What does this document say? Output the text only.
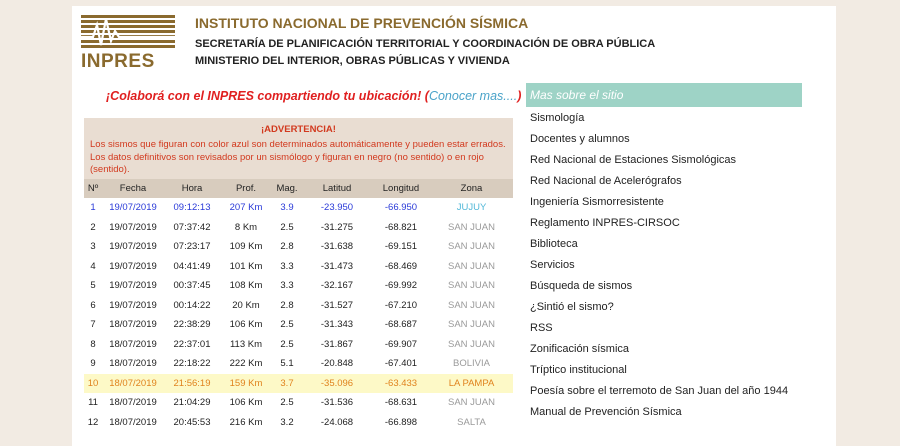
INPRES
INSTITUTO NACIONAL DE PREVENCIÓN SÍSMICA
SECRETARÍA DE PLANIFICACIÓN TERRITORIAL Y COORDINACIÓN DE OBRA PÚBLICA
MINISTERIO DEL INTERIOR, OBRAS PÚBLICAS Y VIVIENDA
¡Colaborá con el INPRES compartiendo tu ubicación! (Conocer mas....)
¡ADVERTENCIA!
Los sismos que figuran con color azul son determinados automáticamente y pueden estar errados. Los datos definitivos son revisados por un sismólogo y figuran en negro (no sentido) o en rojo (sentido).
Nº	Fecha	Hora	Prof.	Mag.	Latitud	Longitud	Zona
1	19/07/2019	09:12:13	207 Km	3.9	-23.950	-66.950	JUJUY
2	19/07/2019	07:37:42	8 Km	2.5	-31.275	-68.821	SAN JUAN
3	19/07/2019	07:23:17	109 Km	2.8	-31.638	-69.151	SAN JUAN
4	19/07/2019	04:41:49	101 Km	3.3	-31.473	-68.469	SAN JUAN
5	19/07/2019	00:37:45	108 Km	3.3	-32.167	-69.992	SAN JUAN
6	19/07/2019	00:14:22	20 Km	2.8	-31.527	-67.210	SAN JUAN
7	18/07/2019	22:38:29	106 Km	2.5	-31.343	-68.687	SAN JUAN
8	18/07/2019	22:37:01	113 Km	2.5	-31.867	-69.907	SAN JUAN
9	18/07/2019	22:18:22	222 Km	5.1	-20.848	-67.401	BOLIVIA
10	18/07/2019	21:56:19	159 Km	3.7	-35.096	-63.433	LA PAMPA
11	18/07/2019	21:04:29	106 Km	2.5	-31.536	-68.631	SAN JUAN
12	18/07/2019	20:45:53	216 Km	3.2	-24.068	-66.898	SALTA
Mas sobre el sitio
Sismología
Docentes y alumnos
Red Nacional de Estaciones Sismológicas
Red Nacional de Acelerógrafos
Ingeniería Sismorresistente
Reglamento INPRES-CIRSOC
Biblioteca
Servicios
Búsqueda de sismos
¿Sintió el sismo?
RSS
Zonificación sísmica
Tríptico institucional
Poesía sobre el terremoto de San Juan del año 1944
Manual de Prevención Sísmica
